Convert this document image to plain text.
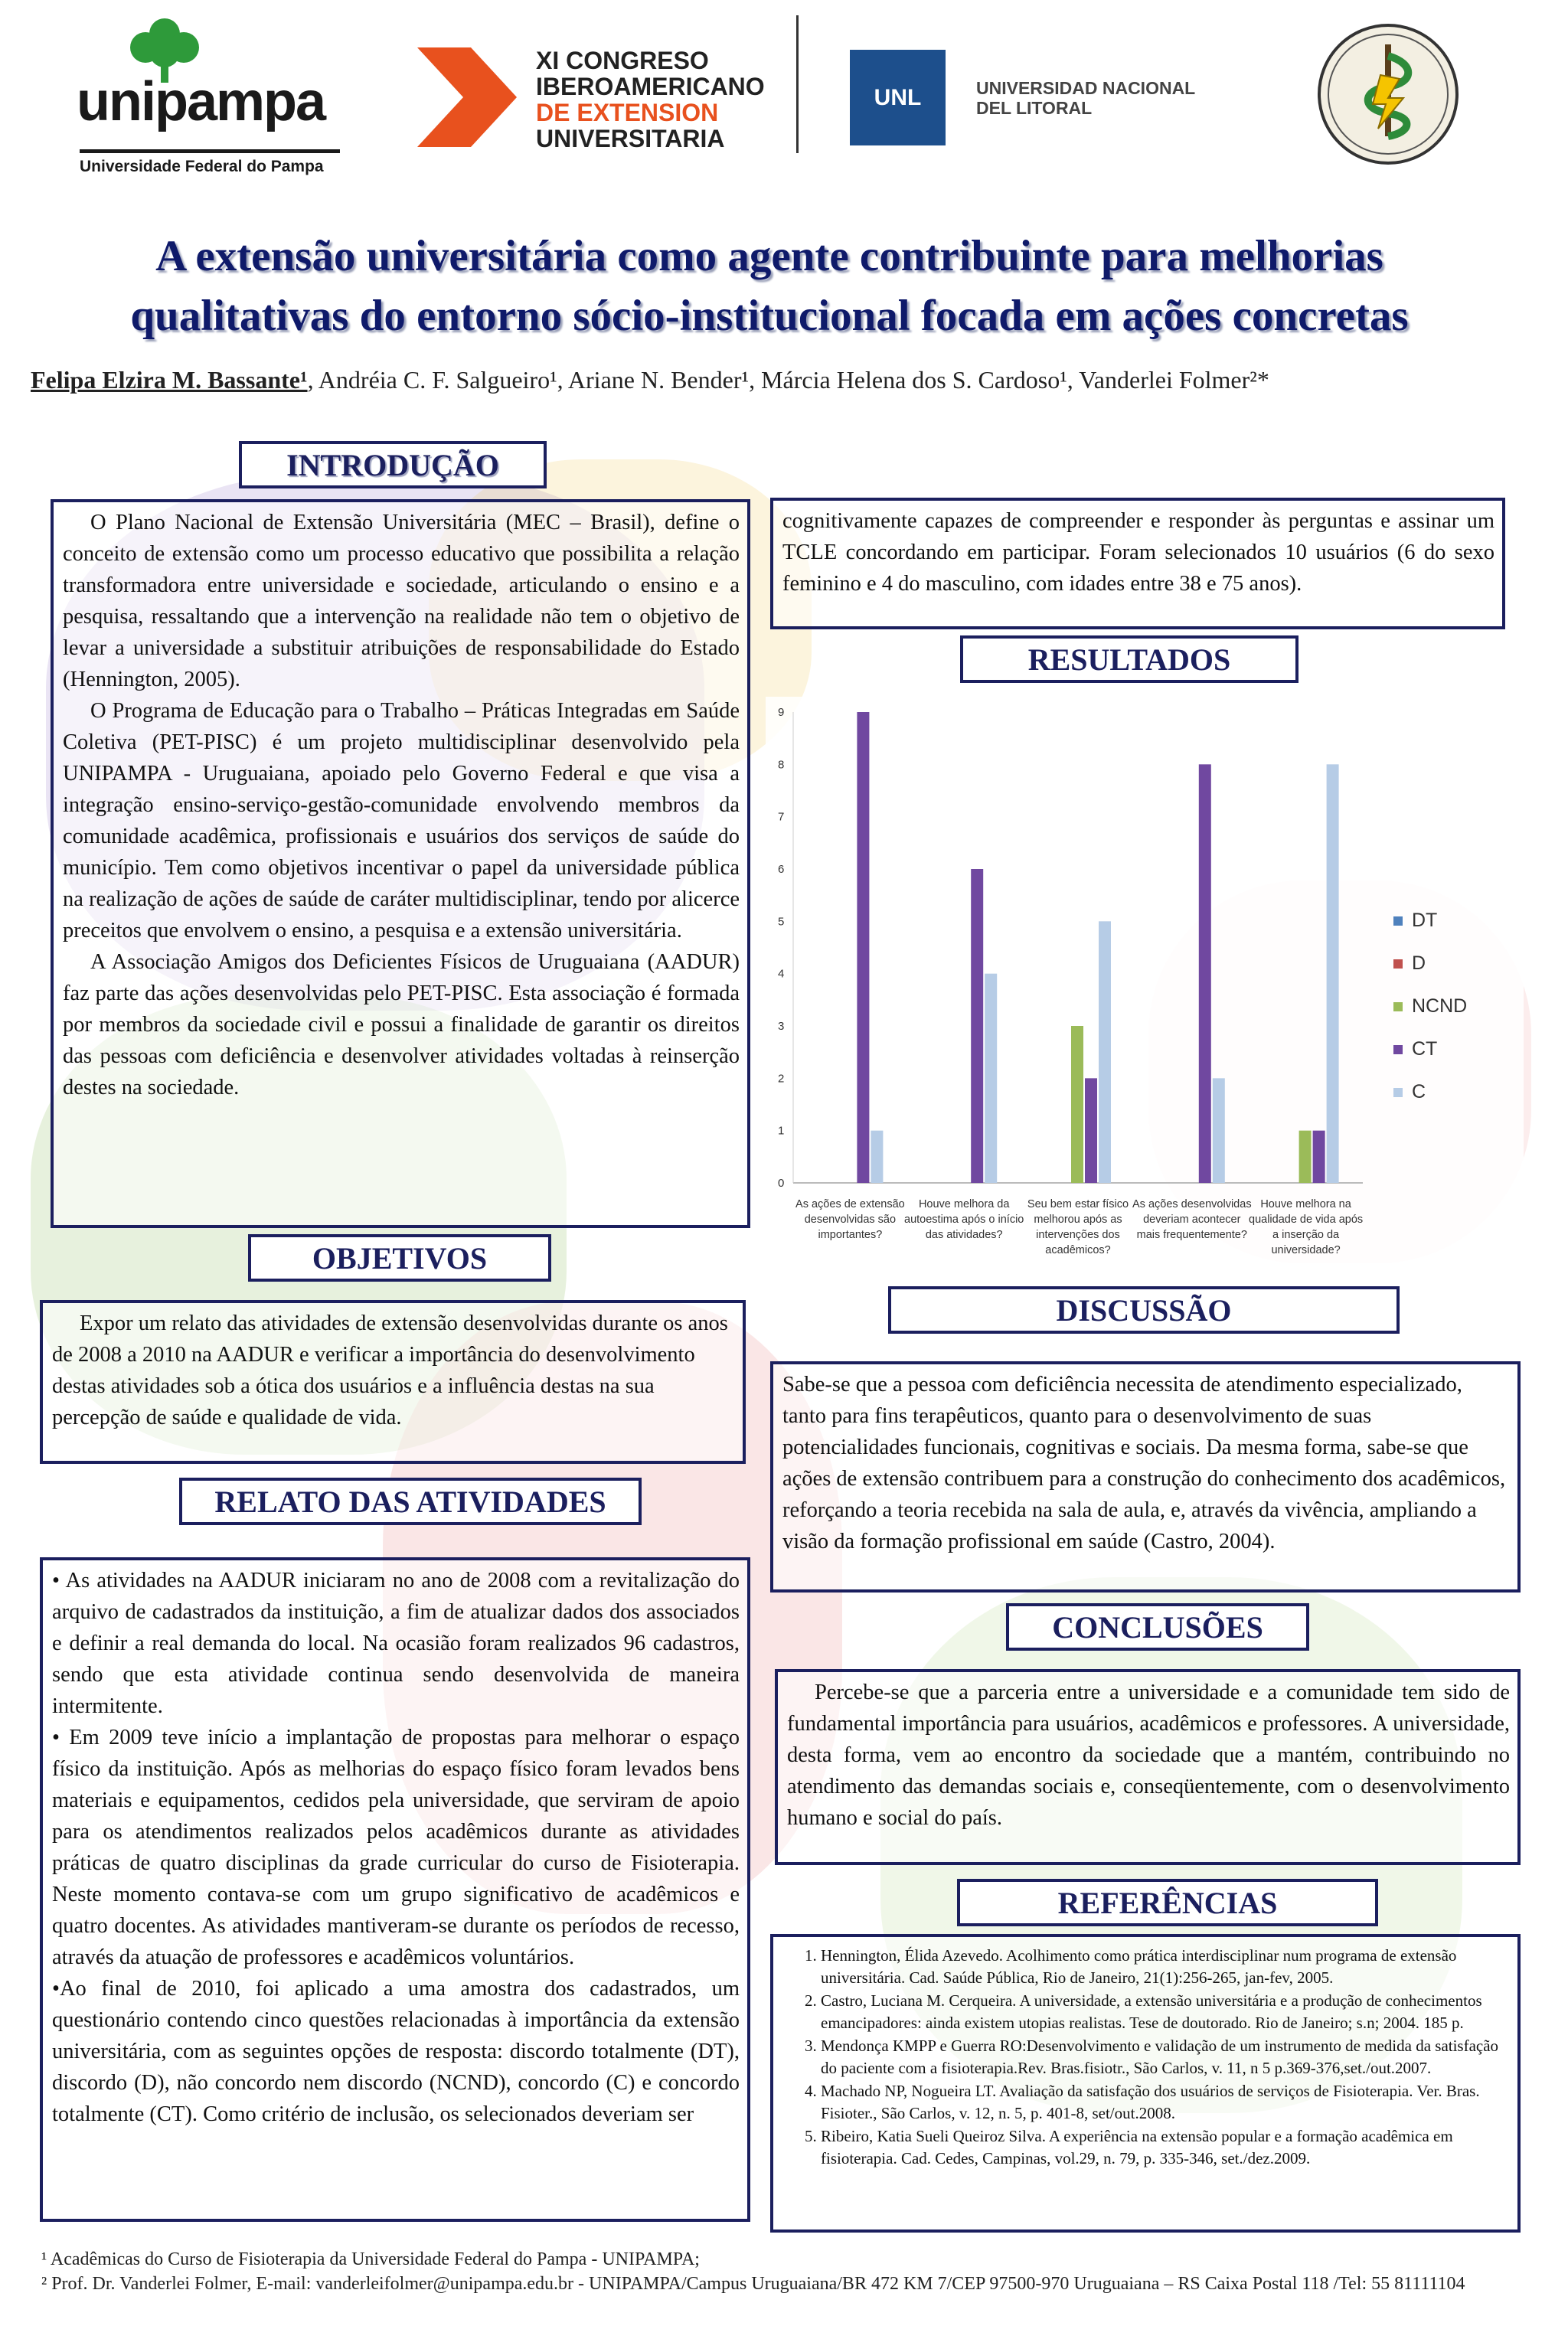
unipampa
Universidade Federal do Pampa
XI CONGRESO
IBEROAMERICANO
DE EXTENSION
UNIVERSITARIA
UNL	UNIVERSIDAD NACIONAL
DEL LITORAL
A extensão universitária como agente contribuinte para melhorias
qualitativas do entorno sócio-institucional focada em ações concretas
Felipa Elzira M. Bassante¹, Andréia C. F. Salgueiro¹, Ariane N. Bender¹, Márcia Helena dos S. Cardoso¹, Vanderlei Folmer²*
INTRODUÇÃO

O Plano Nacional de Extensão Universitária (MEC – Brasil), define o conceito de extensão como um processo educativo que possibilita a relação transformadora entre universidade e sociedade, articulando o ensino e a pesquisa, ressaltando que a intervenção na realidade não tem o objetivo de levar a universidade a substituir atribuições de responsabilidade do Estado (Hennington, 2005).

O Programa de Educação para o Trabalho – Práticas Integradas em Saúde Coletiva (PET-PISC) é um projeto multidisciplinar desenvolvido pela UNIPAMPA - Uruguaiana, apoiado pelo Governo Federal e que visa a integração ensino-serviço-gestão-comunidade envolvendo membros da comunidade acadêmica, profissionais e usuários dos serviços de saúde do município. Tem como objetivos incentivar o papel da universidade pública na realização de ações de saúde de caráter multidisciplinar, tendo por alicerce preceitos que envolvem o ensino, a pesquisa e a extensão universitária.

A Associação Amigos dos Deficientes Físicos de Uruguaiana (AADUR) faz parte das ações desenvolvidas pelo PET-PISC. Esta associação é formada por membros da sociedade civil e possui a finalidade de garantir os direitos das pessoas com deficiência e desenvolver atividades voltadas à reinserção destes na sociedade.

OBJETIVOS

Expor um relato das atividades de extensão desenvolvidas durante os anos de 2008 a 2010 na AADUR e verificar a importância do desenvolvimento destas atividades sob a ótica dos usuários e a influência destas na sua percepção de saúde e qualidade de vida.

RELATO DAS ATIVIDADES

• As atividades na AADUR iniciaram no ano de 2008 com a revitalização do arquivo de cadastrados da instituição, a fim de atualizar dados dos associados e definir a real demanda do local. Na ocasião foram realizados 96 cadastros, sendo que esta atividade continua sendo desenvolvida de maneira intermitente.

• Em 2009 teve início a implantação de propostas para melhorar o espaço físico da instituição. Após as melhorias do espaço físico foram levados bens materiais e equipamentos, cedidos pela universidade, que serviram de apoio para os atendimentos realizados pelos acadêmicos durante as atividades práticas de quatro disciplinas da grade curricular do curso de Fisioterapia. Neste momento contava-se com um grupo significativo de acadêmicos e quatro docentes. As atividades mantiveram-se durante os períodos de recesso, através da atuação de professores e acadêmicos voluntários.

•Ao final de 2010, foi aplicado a uma amostra dos cadastrados, um questionário contendo cinco questões relacionadas à importância da extensão universitária, com as seguintes opções de resposta: discordo totalmente (DT), discordo (D), não concordo nem discordo (NCND), concordo (C) e concordo totalmente (CT). Como critério de inclusão, os selecionados deveriam ser

cognitivamente capazes de compreender e responder às perguntas e assinar um TCLE concordando em participar. Foram selecionados 10 usuários (6 do sexo feminino e 4 do masculino, com idades entre 38 e 75 anos).

RESULTADOS
0
1
2
3
4
5
6
7
8
9
As ações de extensão desenvolvidas são importantes?
Houve melhora da autoestima após o início das atividades?
Seu bem estar físico melhorou após as intervenções dos acadêmicos?
As ações desenvolvidas deveriam acontecer mais frequentemente?
Houve melhora na qualidade de vida após a inserção da universidade?
DT
D
NCND
CT
C
DISCUSSÃO

Sabe-se que a pessoa com deficiência necessita de atendimento especializado, tanto para fins terapêuticos, quanto para o desenvolvimento de suas potencialidades funcionais, cognitivas e sociais. Da mesma forma, sabe-se que ações de extensão contribuem para a construção do conhecimento dos acadêmicos, reforçando a teoria recebida na sala de aula, e, através da vivência, ampliando a visão da formação profissional em saúde (Castro, 2004).

CONCLUSÕES

Percebe-se que a parceria entre a universidade e a comunidade tem sido de fundamental importância para usuários, acadêmicos e professores. A universidade, desta forma, vem ao encontro da sociedade que a mantém, contribuindo no atendimento das demandas sociais e, conseqüentemente, com o desenvolvimento humano e social do país.

REFERÊNCIAS
1. Hennington, Élida Azevedo. Acolhimento como prática interdisciplinar num programa de extensão universitária. Cad. Saúde Pública, Rio de Janeiro, 21(1):256-265, jan-fev, 2005.
2. Castro, Luciana M. Cerqueira. A universidade, a extensão universitária e a produção de conhecimentos emancipadores: ainda existem utopias realistas. Tese de doutorado. Rio de Janeiro; s.n; 2004. 185 p.
3. Mendonça KMPP e Guerra RO:Desenvolvimento e validação de um instrumento de medida da satisfação do paciente com a fisioterapia.Rev. Bras.fisiotr., São Carlos, v. 11, n 5 p.369-376,set./out.2007.
4. Machado NP, Nogueira LT. Avaliação da satisfação dos usuários de serviços de Fisioterapia. Ver. Bras. Fisioter., São Carlos, v. 12, n. 5, p. 401-8, set/out.2008.
5. Ribeiro, Katia Sueli Queiroz Silva. A experiência na extensão popular e a formação acadêmica em fisioterapia. Cad. Cedes, Campinas, vol.29, n. 79, p. 335-346, set./dez.2009.
¹ Acadêmicas do Curso de Fisioterapia da Universidade Federal do Pampa - UNIPAMPA;
² Prof. Dr. Vanderlei Folmer, E-mail: vanderleifolmer@unipampa.edu.br - UNIPAMPA/Campus Uruguaiana/BR 472 KM 7/CEP 97500-970 Uruguaiana – RS Caixa Postal 118 /Tel: 55 81111104
